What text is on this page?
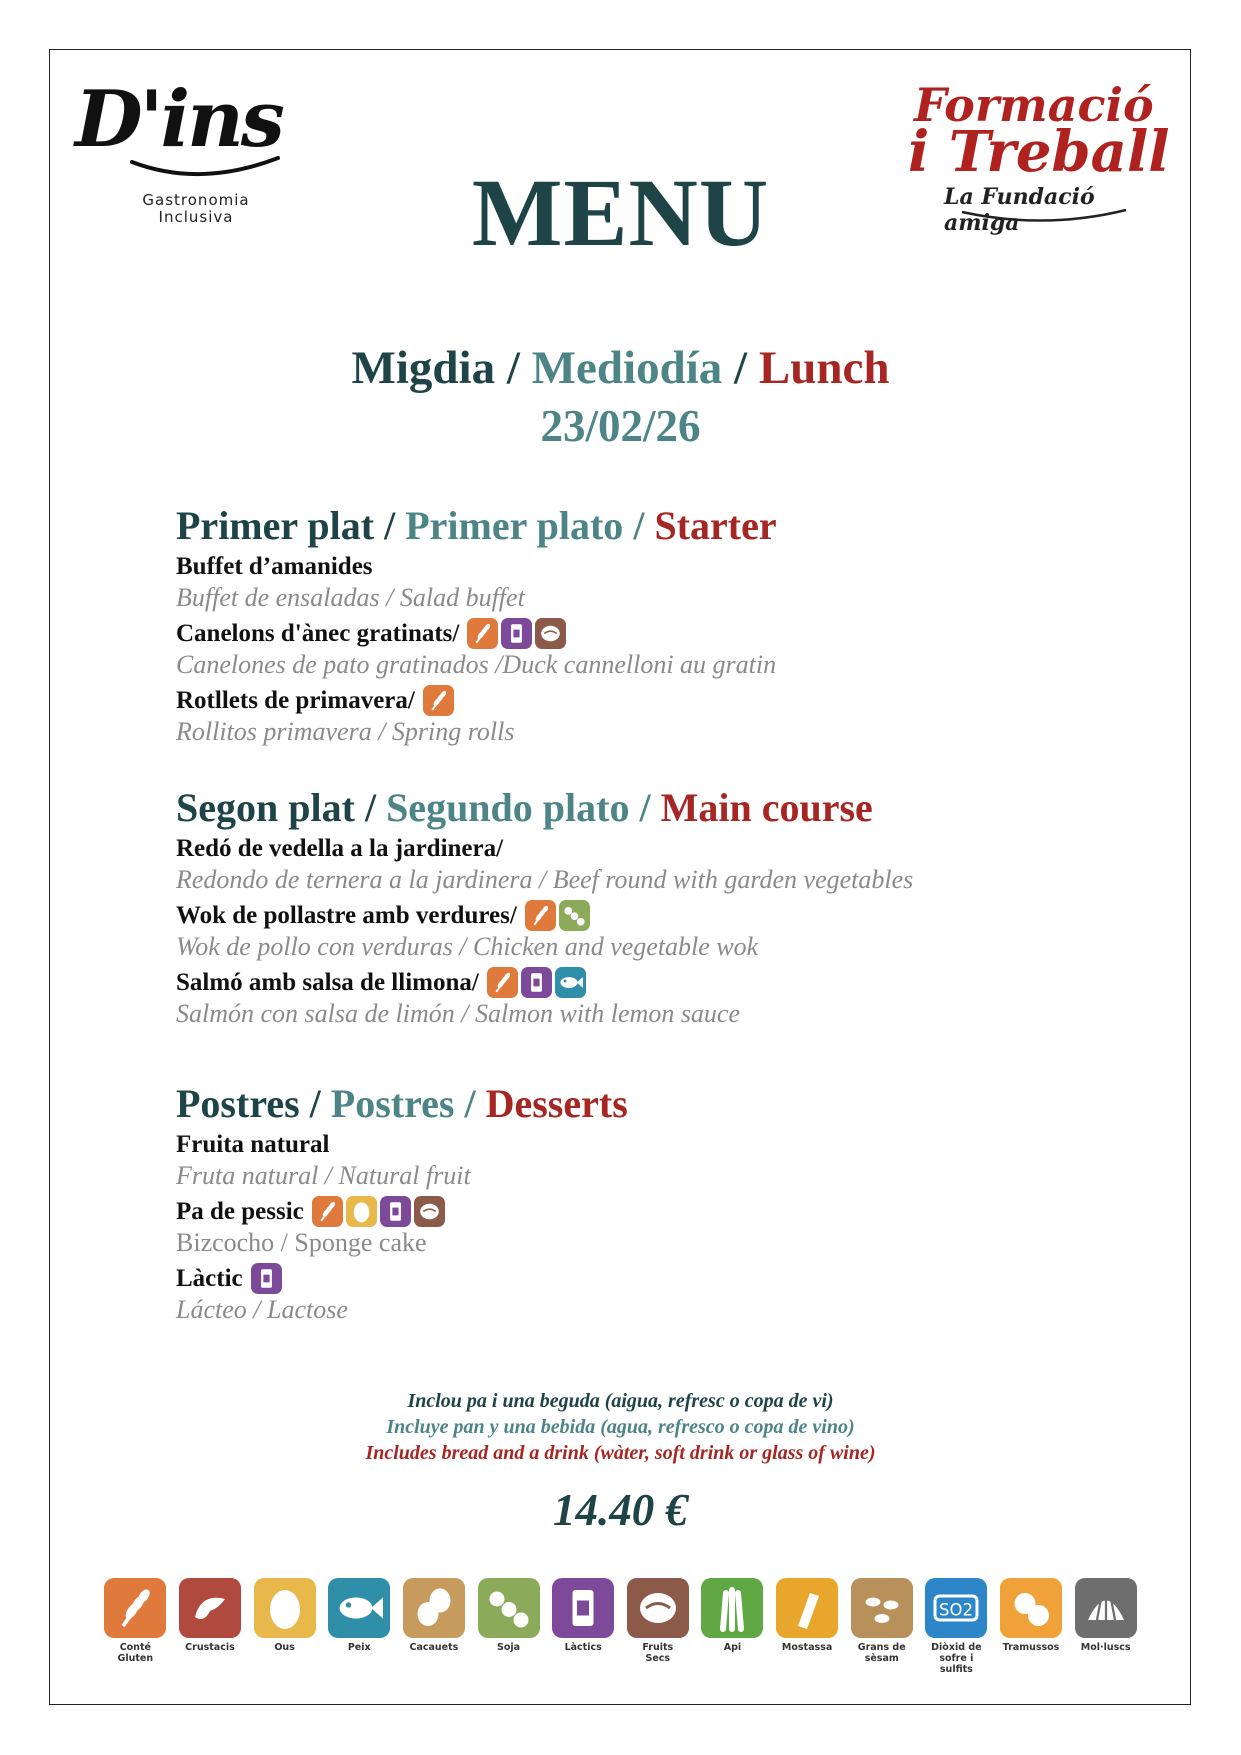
D'ins
Gastronomia
Inclusiva
Formació
i Treball
La Fundació amiga
MENU
Migdia / Mediodía / Lunch
23/02/26
Primer plat / Primer plato / Starter
Buffet d’amanides
Buffet de ensaladas / Salad buffet
Canelons d'ànec gratinats /
Canelones de pato gratinados /Duck cannelloni au gratin
Rotllets de primavera /
Rollitos primavera / Spring rolls
Segon plat / Segundo plato / Main course
Redó de vedella a la jardinera /
Redondo de ternera a la jardinera / Beef round with garden vegetables
Wok de pollastre amb verdures /
Wok de pollo con verduras / Chicken and vegetable wok
Salmó amb salsa de llimona /
Salmón con salsa de limón / Salmon with lemon sauce
Postres / Postres / Desserts
Fruita natural
Fruta natural / Natural fruit
Pa de pessic
Bizcocho / Sponge cake
Làctic
Lácteo / Lactose
Inclou pa i una beguda (aigua, refresc o copa de vi)
Incluye pan y una bebida (agua, refresco o copa de vino)
Includes bread and a drink (wàter, soft drink or glass of wine)
14.40 €
Conté
Gluten
Crustacis	Ous	Peix	Cacauets	Soja	Làctics	Fruits
Secs
Api	Mostassa	Grans de
sèsam
SO2
Diòxid de
sofre i
sulfits
Tramussos	Mol·luscs
